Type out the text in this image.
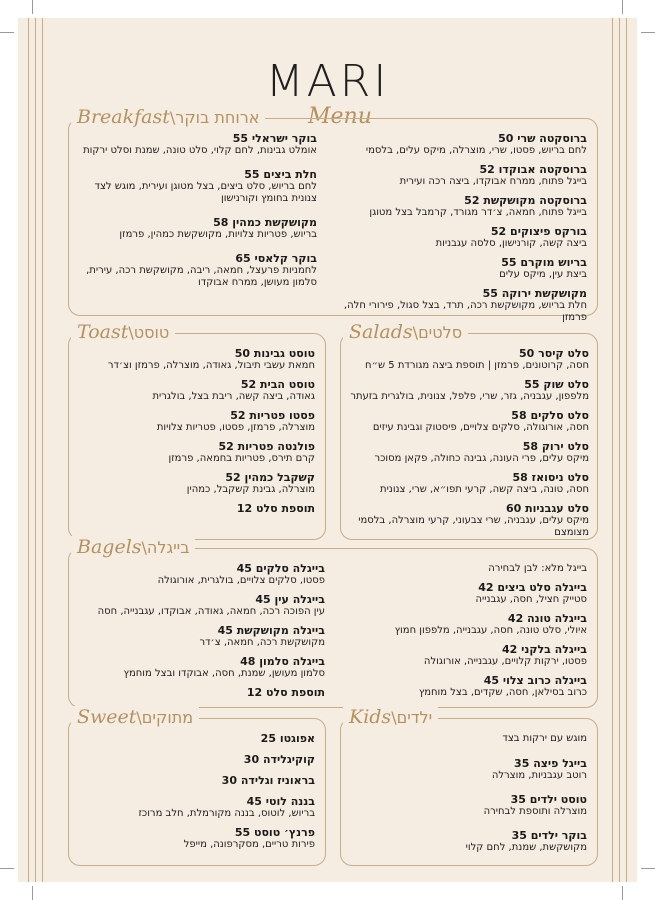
MARI
Menu
Breakfast\ארוחת בוקר
ברוסקטה שרי 50
לחם בריוש, פסטו, שרי, מוצרלה, מיקס עלים, בלסמי
ברוסקטה אבוקדו 52
בייגל פתוח, ממרח אבוקדו, ביצה רכה ועירית
ברוסקטה מקושקשת 52
בייגל פתוח, חמאה, צ׳דר מגורד, קרמבל בצל מטוגן
בורקס פיצוקים 52
ביצה קשה, קורנישון, סלסה עגבניות
בריוש מוקרם 55
ביצת עין, מיקס עלים
מקושקשת ירוקה 55
חלת בריוש, מקושקשת רכה, תרד, בצל סגול, פירורי חלה, פרמזן
בוקר ישראלי 55
אומלט גבינות, לחם קלוי, סלט טונה, שמנת וסלט ירקות
חלת ביצים 55
לחם בריוש, סלט ביצים, בצל מטוגן ועירית, מוגש לצד צנונית בחומץ וקורנישון
מקושקשת כמהין 58
בריוש, פטריות צלויות, מקושקשת כמהין, פרמזן
בוקר קלאסי 65
לחמניות פרעצל, חמאה, ריבה, מקושקשת רכה, עירית, סלמון מעושן, ממרח אבוקדו
Toast\טוסט
טוסט גבינות 50
חמאת עשבי תיבול, גאודה, מוצרלה, פרמזן וצ׳דר
טוסט הבית 52
גאודה, ביצה קשה, ריבת בצל, בולגרית
פסטו פטריות 52
מוצרלה, פרמזן, פסטו, פטריות צלויות
פולנטה פטריות 52
קרם תירס, פטריות בחמאה, פרמזן
קשקבל כמהין 52
מוצרלה, גבינת קשקבל, כמהין
תוספת סלט 12
Salads\סלטים
סלט קיסר 50
חסה, קרוטונים, פרמזן | תוספת ביצה מגורדת 5 ש״ח
סלט שוק 55
מלפפון, עגבניה, גזר, שרי, פלפל, צנונית, בולגרית בזעתר
סלט סלקים 58
חסה, אורוגולה, סלקים צלויים, פיסטוק וגבינת עיזים
סלט ירוק 58
מיקס עלים, פרי העונה, גבינה כחולה, פקאן מסוכר
סלט ניסואז 58
חסה, טונה, ביצה קשה, קרעי תפו״א, שרי, צנונית
סלט עגבניות 60
מיקס עלים, עגבניה, שרי צבעוני, קרעי מוצרלה, בלסמי מצומצם
Bagels\בייגלה
בייגל מלא: לבן לבחירה
בייגלה סלט ביצים 42
סטייק חציל, חסה, עגבנייה
בייגלה טונה 42
איולי, סלט טונה, חסה, עגבנייה, מלפפון חמוץ
בייגלה בלקני 42
פסטו, ירקות קלויים, עגבנייה, אורוגולה
בייגלה כרוב צלוי 45
כרוב בסילאן, חסה, שקדים, בצל מוחמץ
בייגלה סלקים 45
פסטו, סלקים צלויים, בולגרית, אורוגולה
בייגלה עין 45
עין הפוכה רכה, חמאה, גאודה, אבוקדו, עגבנייה, חסה
בייגלה מקושקשת 45
מקושקשת רכה, חמאה, צ׳דר
בייגלה סלמון 48
סלמון מעושן, שמנת, חסה, אבוקדו ובצל מוחמץ
תוספת סלט 12
Sweet\מתוקים
אפוגטו 25
קוקיגלידה 30
בראוניז וגלידה 30
בננה לוטי 45
בריוש, לוטוס, בננה מקורמלת, חלב מרוכז
פרנץ׳ טוסט 55
פירות טריים, מסקרפונה, מייפל
Kids\ילדים
מוגש עם ירקות בצד
בייגל פיצה 35
רוטב עגבניות, מוצרלה
טוסט ילדים 35
מוצרלה ותוספת לבחירה
בוקר ילדים 35
מקושקשת, שמנת, לחם קלוי
